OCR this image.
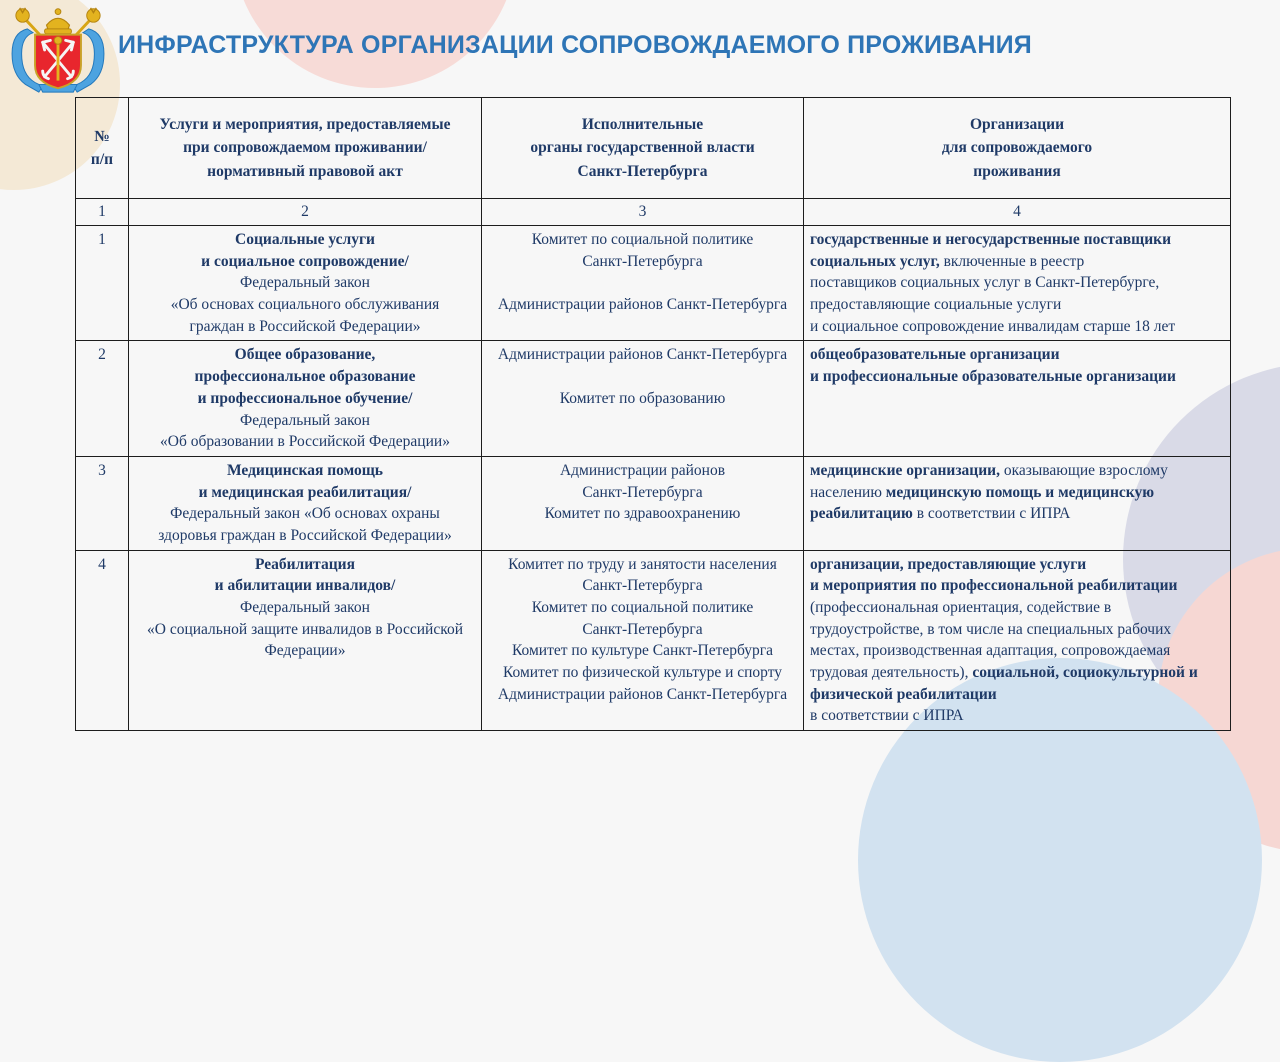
ИНФРАСТРУКТУРА ОРГАНИЗАЦИИ СОПРОВОЖДАЕМОГО ПРОЖИВАНИЯ
№
п/п	Услуги и мероприятия, предоставляемые
при сопровождаемом проживании/
нормативный правовой акт	Исполнительные
органы государственной власти
Санкт-Петербурга	Организации
для сопровождаемого
проживания
1	2	3	4
1	Социальные услуги
и социальное сопровождение/
Федеральный закон
«Об основах социального обслуживания
граждан в Российской Федерации»	Комитет по социальной политике
Санкт-Петербурга

Администрации районов Санкт-Петербурга	государственные и негосударственные поставщики
социальных услуг, включенные в реестр
поставщиков социальных услуг в Санкт-Петербурге,
предоставляющие социальные услуги
и социальное сопровождение инвалидам старше 18 лет
2	Общее образование,
профессиональное образование
и профессиональное обучение/
Федеральный закон
«Об образовании в Российской Федерации»	Администрации районов Санкт-Петербурга

Комитет по образованию	общеобразовательные организации
и профессиональные образовательные организации
3	Медицинская помощь
и медицинская реабилитация/
Федеральный закон «Об основах охраны
здоровья граждан в Российской Федерации»	Администрации районов
Санкт-Петербурга
Комитет по здравоохранению	медицинские организации, оказывающие взрослому
населению медицинскую помощь и медицинскую
реабилитацию в соответствии с ИПРА
4	Реабилитация
и абилитации инвалидов/
Федеральный закон
«О социальной защите инвалидов в Российской
Федерации»	Комитет по труду и занятости населения
Санкт-Петербурга
Комитет по социальной политике
Санкт-Петербурга
Комитет по культуре Санкт-Петербурга
Комитет по физической культуре и спорту
Администрации районов Санкт-Петербурга	организации, предоставляющие услуги
и мероприятия по профессиональной реабилитации
(профессиональная ориентация, содействие в
трудоустройстве, в том числе на специальных рабочих
местах, производственная адаптация, сопровождаемая
трудовая деятельность), социальной, социокультурной и
физической реабилитации
в соответствии с ИПРА
